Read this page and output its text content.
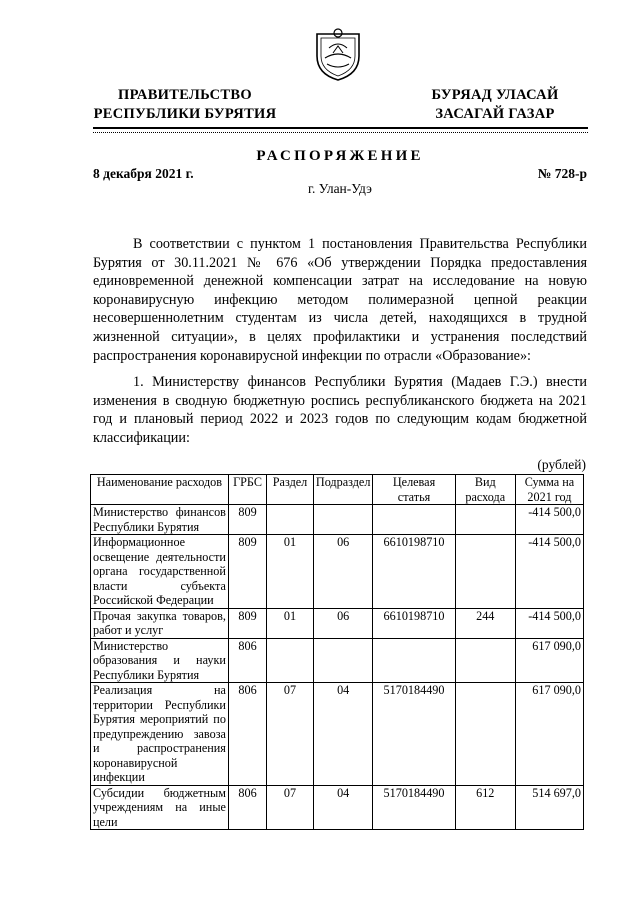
ПРАВИТЕЛЬСТВО
РЕСПУБЛИКИ БУРЯТИЯ
БУРЯАД УЛАСАЙ
ЗАСАГАЙ ГАЗАР
РАСПОРЯЖЕНИЕ
8 декабря 2021 г.	№ 728-р
г. Улан-Удэ
В соответствии с пунктом 1 постановления Правительства Республики Бурятия от 30.11.2021 № 676 «Об утверждении Порядка предоставления единовременной денежной компенсации затрат на исследование на новую коронавирусную инфекцию методом полимеразной цепной реакции несовершеннолетним студентам из числа детей, находящихся в трудной жизненной ситуации», в целях профилактики и устранения последствий распространения коронавирусной инфекции по отрасли «Образование»:
1. Министерству финансов Республики Бурятия (Мадаев Г.Э.) внести изменения в сводную бюджетную роспись республиканского бюджета на 2021 год и плановый период 2022 и 2023 годов по следующим кодам бюджетной классификации:
(рублей)
Наименование расходов	ГРБС	Раздел	Подраздел	Целевая статья	Вид расхода	Сумма на 2021 год
Министерство финансов Республики Бурятия	809					-414 500,0
Информационное освещение деятельности органа государственной власти субъекта Российской Федерации	809	01	06	6610198710		-414 500,0
Прочая закупка товаров, работ и услуг	809	01	06	6610198710	244	-414 500,0
Министерство образования и науки Республики Бурятия	806					617 090,0
Реализация на территории Республики Бурятия мероприятий по предупреждению завоза и распространения коронавирусной инфекции	806	07	04	5170184490		617 090,0
Субсидии бюджетным учреждениям на иные цели	806	07	04	5170184490	612	514 697,0
